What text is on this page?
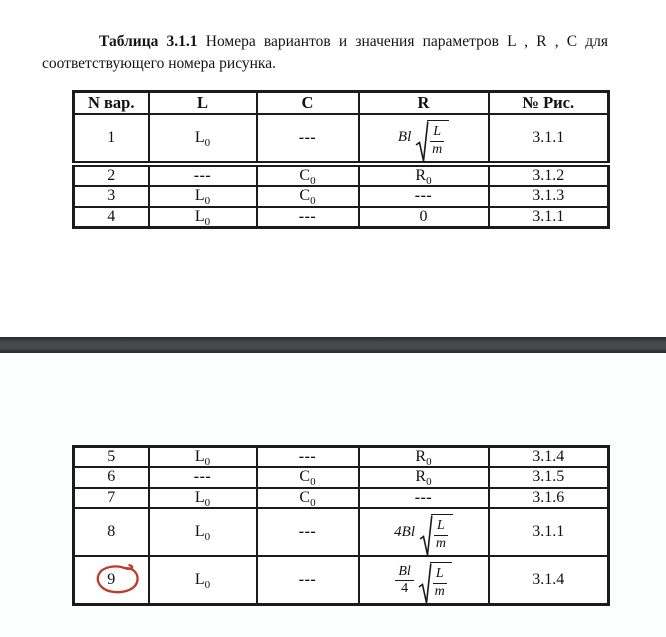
Таблица 3.1.1 Номера вариантов и значения параметров L , R , C для
соответствующего номера рисунка.
N вар.	L	C	R	№ Рис.
1	$L_0$	---	Bl $\frac{L}{m}$	3.1.1
2	---	$C_0$	$R_0$	3.1.2
3	$L_0$	$C_0$	---	3.1.3
4	$L_0$	---	0	3.1.1
5	$L_0$	---	$R_0$	3.1.4
6	---	$C_0$	$R_0$	3.1.5
7	$L_0$	$C_0$	---	3.1.6
8	$L_0$	---	$4Bl \frac{L}{m}$	3.1.1

9	$L_0$	---	$\frac{Bl}{4} \frac{L}{m}$	3.1.4
